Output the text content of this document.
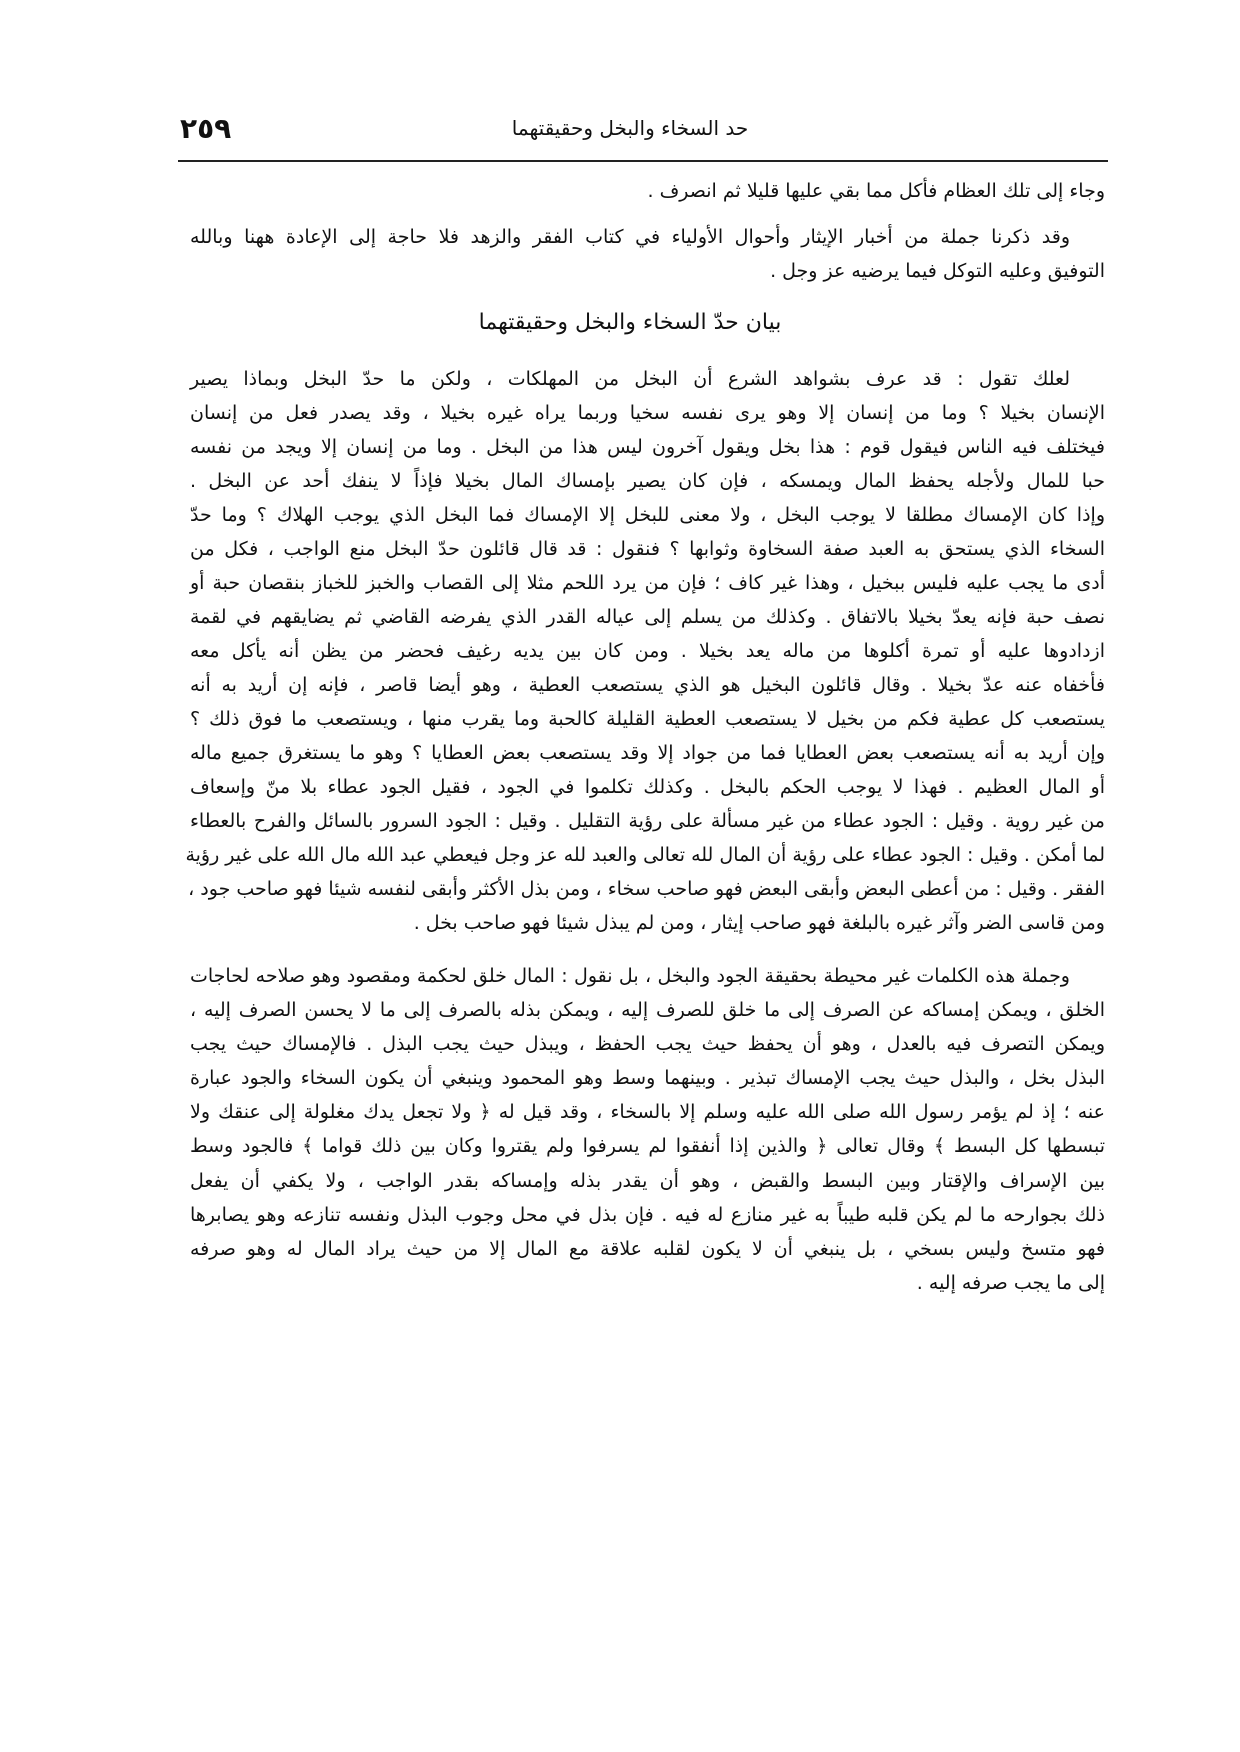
٢٥٩	حد السخاء والبخل وحقيقتهما
وجاء إلى تلك العظام فأكل مما بقي عليها قليلا ثم انصرف .
وقد ذكرنا جملة من أخبار الإيثار وأحوال الأولياء في كتاب الفقر والزهد فلا حاجة إلى الإعادة ههنا وبالله
التوفيق وعليه التوكل فيما يرضيه عز وجل .
بيان حدّ السخاء والبخل وحقيقتهما
لعلك تقول : قد عرف بشواهد الشرع أن البخل من المهلكات ، ولكن ما حدّ البخل وبماذا يصير
الإنسان بخيلا ؟ وما من إنسان إلا وهو يرى نفسه سخيا وربما يراه غيره بخيلا ، وقد يصدر فعل من إنسان
فيختلف فيه الناس فيقول قوم : هذا بخل ويقول آخرون ليس هذا من البخل . وما من إنسان إلا ويجد من نفسه
حبا للمال ولأجله يحفظ المال ويمسكه ، فإن كان يصير بإمساك المال بخيلا فإذاً لا ينفك أحد عن البخل .
وإذا كان الإمساك مطلقا لا يوجب البخل ، ولا معنى للبخل إلا الإمساك فما البخل الذي يوجب الهلاك ؟ وما حدّ
السخاء الذي يستحق به العبد صفة السخاوة وثوابها ؟ فنقول : قد قال قائلون حدّ البخل منع الواجب ، فكل من
أدى ما يجب عليه فليس ببخيل ، وهذا غير كاف ؛ فإن من يرد اللحم مثلا إلى القصاب والخبز للخباز بنقصان حبة أو
نصف حبة فإنه يعدّ بخيلا بالاتفاق . وكذلك من يسلم إلى عياله القدر الذي يفرضه القاضي ثم يضايقهم في لقمة
ازدادوها عليه أو تمرة أكلوها من ماله يعد بخيلا . ومن كان بين يديه رغيف فحضر من يظن أنه يأكل معه
فأخفاه عنه عدّ بخيلا . وقال قائلون البخيل هو الذي يستصعب العطية ، وهو أيضا قاصر ، فإنه إن أريد به أنه
يستصعب كل عطية فكم من بخيل لا يستصعب العطية القليلة كالحبة وما يقرب منها ، ويستصعب ما فوق ذلك ؟
وإن أريد به أنه يستصعب بعض العطايا فما من جواد إلا وقد يستصعب بعض العطايا ؟ وهو ما يستغرق جميع ماله
أو المال العظيم . فهذا لا يوجب الحكم بالبخل . وكذلك تكلموا في الجود ، فقيل الجود عطاء بلا منّ وإسعاف
من غير روية . وقيل : الجود عطاء من غير مسألة على رؤية التقليل . وقيل : الجود السرور بالسائل والفرح بالعطاء
لما أمكن . وقيل : الجود عطاء على رؤية أن المال لله تعالى والعبد لله عز وجل فيعطي عبد الله مال الله على غير رؤية
الفقر . وقيل : من أعطى البعض وأبقى البعض فهو صاحب سخاء ، ومن بذل الأكثر وأبقى لنفسه شيئا فهو صاحب جود ،
ومن قاسى الضر وآثر غيره بالبلغة فهو صاحب إيثار ، ومن لم يبذل شيئا فهو صاحب بخل .
وجملة هذه الكلمات غير محيطة بحقيقة الجود والبخل ، بل نقول : المال خلق لحكمة ومقصود وهو صلاحه لحاجات
الخلق ، ويمكن إمساكه عن الصرف إلى ما خلق للصرف إليه ، ويمكن بذله بالصرف إلى ما لا يحسن الصرف إليه ،
ويمكن التصرف فيه بالعدل ، وهو أن يحفظ حيث يجب الحفظ ، ويبذل حيث يجب البذل . فالإمساك حيث يجب
البذل بخل ، والبذل حيث يجب الإمساك تبذير . وبينهما وسط وهو المحمود وينبغي أن يكون السخاء والجود عبارة
عنه ؛ إذ لم يؤمر رسول الله صلى الله عليه وسلم إلا بالسخاء ، وقد قيل له ﴿ ولا تجعل يدك مغلولة إلى عنقك ولا
تبسطها كل البسط ﴾ وقال تعالى ﴿ والذين إذا أنفقوا لم يسرفوا ولم يقتروا وكان بين ذلك قواما ﴾ فالجود وسط
بين الإسراف والإقتار وبين البسط والقبض ، وهو أن يقدر بذله وإمساكه بقدر الواجب ، ولا يكفي أن يفعل
ذلك بجوارحه ما لم يكن قلبه طيباً به غير منازع له فيه . فإن بذل في محل وجوب البذل ونفسه تنازعه وهو يصابرها
فهو متسخ وليس بسخي ، بل ينبغي أن لا يكون لقلبه علاقة مع المال إلا من حيث يراد المال له وهو صرفه
إلى ما يجب صرفه إليه .
